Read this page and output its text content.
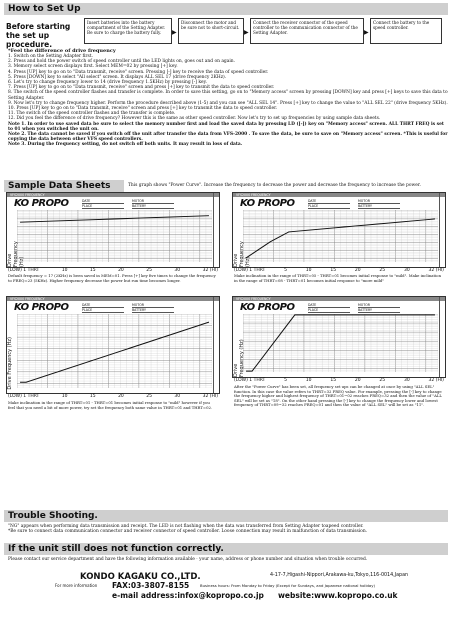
How to Set Up
Before starting the set up procedure.
Insert batteries into the battery compartment of the Setting Adapter. Be sure to charge the battery fully.	▶
Disconnect the motor and be sure not to short-circuit.
▶
Connect the receiver connector of the speed controller to the communication connector of the Setting Adapter.	▶
Connect the battery to the speed controller.
*Feel the difference of drive frequency
1. Switch on the Setting Adapter first.
2. Press and hold the power switch of speed controller until the LED lights on, goes out and on again.
3. Memory select screen displays first. Select MEM=02 by pressing [+] key.
4. Press [UP] key to go on to "Data transmit, receive" screen. Pressing [-] key to receive the data of speed controller.
5. Press [DOWN] key to select "All select" screen. It displays ALL SEL 17 (drive frequency 2KHz).
6. Let's try to change frequency lower to 14 (drive frequency 1.5KHz) by pressing [-] key.
7. Press [UP] key to go on to "Data transmit, receive" screen and press [+] key to transmit the data to speed controller.
8. The switch of the speed controller flashes and transfer is complete. In order to save this setting, go on to "Memory access" screen by pressing [DOWN] key and press [+] keys to save this data to Setting Adapter.
9. Now let's try to change frequency higher. Perform the procedure described above (1-5) and you can see "ALL SEL 14". Press [+] key to change the value to "ALL SEL 22" (drive frequency 5KHz).
10. Press [UP] key to go on to "Data transmit, receive" screen and press [+] key to transmit the data to speed controller.
11. The switch of the speed controller flashes and the transfer is complete.
12. Did you feel the difference of drive frequency? However this is the same as other speed controller. Now let's try to set up frequencies by using sample data sheets.
Note 1. In order to use saved data be sure to select the memory number first and load the saved data by pressing LD ([-]) key on "Memory access" screen. ALL THRT FREQ is set to 01 when you switched the unit on.
Note 2. The data cannot be saved if you switch off the unit after transfer the data from VFS-2000 . To save the data, be sure to save on "Memory access" screen. *This is useful for copying the data between other VFS speed controllers.
Note 3. During the frequency setting, do not switch off both units. It may result in loss of data.
Sample Data Sheets	This graph shows "Power Curve". Increase the frequency to decrease the power and decrease the frequency to increase the power.
VFS2000 FREQUENCY
KO PROPO	DATE
PLACE
MOTOR
BATTERY
Drive Frequency (Hz)
(LOW) 1 THRT	10	15	20	25	30	32 (HI)
Default frequency = 17 (2KHz) is been saved in MEM=01. Press [+] key five times to change the frequency to FREQ=23 (5KHz). Higher frequency decrease the power but run time becomes longer.
VFS2000 FREQUENCY
KO PROPO	DATE
PLACE
MOTOR
BATTERY
Drive Frequency (Hz)
(LOW) 1 THRT	5	10	15	20	25	30	32 (HI)
Make inclination in the range of THRT=05 - THRT=01 becomes initial response to "mild". Make inclination in the range of THRT=08 - THRT=01 becomes initial response to "more mild"
VFS2000 FREQUENCY
KO PROPO	DATE
PLACE
MOTOR
BATTERY
Drive Frequency (Hz)
(LOW) 1 THRT	10	15	20	25	30	32 (HI)
Make inclination in the range of THRT=01 - THRT=01 becomes initial response to "mild" however if you feel that you need a bit of more power, try set the frequency both same value in THRT=01 and THRT=02.
VFS2000 FREQUENCY
KO PROPO	DATE
PLACE
MOTOR
BATTERY
Drive Frequency (Hz)
(LOW) 1 THRT	5	10	15	20	25	30	32 (HI)
After the "Power Curve" has been set, all frequency set ups can be changed at once by using "ALL SEL" function. In this case the value refers to THRT=32 FREQ value. For example, pressing the [-] key to change the frequency higher and highest frequency of THRT=01~02 reaches FREQ=32 and then the value of "ALL SEL" will be set as "18". On the other hand pressing the [-] key to change the frequency lower and lowest frequency of THRT=09~32 reaches FREQ=01 and then the value of "ALL SEL" will be set as "11".
Trouble Shooting.
"NG" appears when performing data transmission and receipt. The LED is not flashing when the data was transferred from Setting Adapter toapeed controller.
*Be sure to connect data communication connector and receiver connector of speed controller. Loose connection may result in malfunction of data transmission.
If the unit still does not function correctly.
Please contact our service department and have the following information available · your name, address or phone number and situation when trouble occurred.
KONDO KAGAKU CO.,LTD.	4-17-7,Higashi-Nippori,Arakawa-ku,Tokyo,116-0014,Japan
For more information FAX:03-3807-8155	Business hours: From Monday to Friday (Except for Sundays, and Japanese national holiday)
e-mail address:infox@kopropo.co.jp website:www.kopropo.co.uk
